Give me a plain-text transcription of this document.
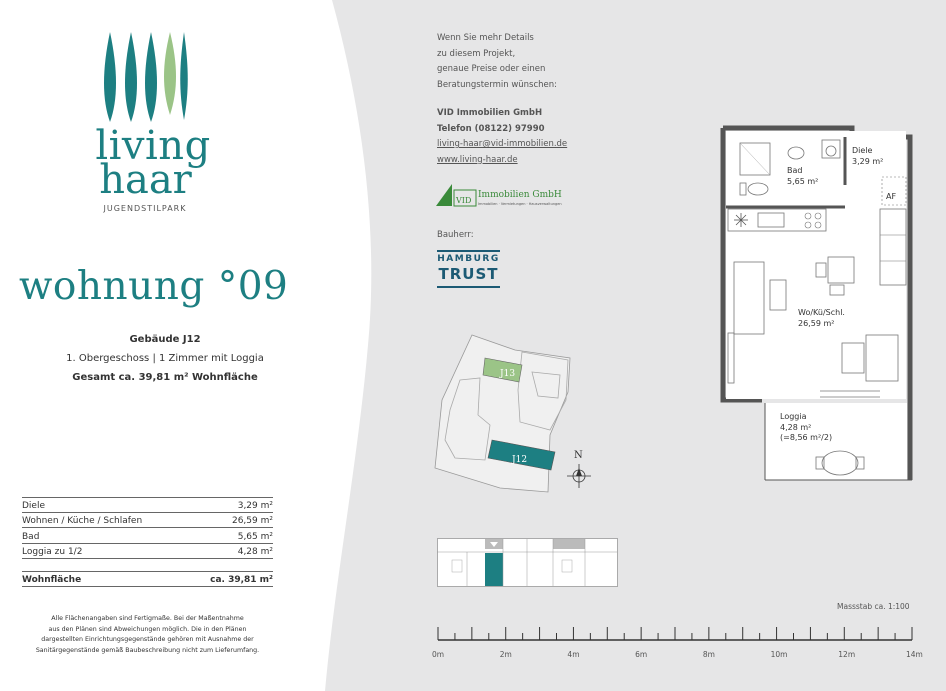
living
haar
JUGENDSTILPARK
wohnung °09
Gebäude J12
1. Obergeschoss | 1 Zimmer mit Loggia
Gesamt ca. 39,81 m² Wohnfläche
Diele	3,29 m²
Wohnen / Küche / Schlafen	26,59 m²
Bad	5,65 m²
Loggia zu 1/2	4,28 m²
Wohnfläche	ca. 39,81 m²
Alle Flächenangaben sind Fertigmaße. Bei der Maßentnahme
aus den Plänen sind Abweichungen möglich. Die in den Plänen
dargestellten Einrichtungsgegenstände gehören mit Ausnahme der
Sanitärgegenstände gemäß Baubeschreibung nicht zum Lieferumfang.
Wenn Sie mehr Details
zu diesem Projekt,
genaue Preise oder einen
Beratungstermin wünschen:
VID Immobilien GmbH
Telefon (08122) 97990
living-haar@vid-immobilien.de
www.living-haar.de
VID
Immobilien GmbH
Immobilien · Vermietungen · Hausverwaltungen
Bauherr:
HAMBURG
TRUST
J13
J12	N
Diele
3,29 m²
Bad
5,65 m²
AF
Wo/Kü/Schl.
26,59 m²
Loggia
4,28 m²
(=8,56 m²/2)
Massstab ca. 1:100
0m	2m	4m	6m	8m	10m	12m	14m
